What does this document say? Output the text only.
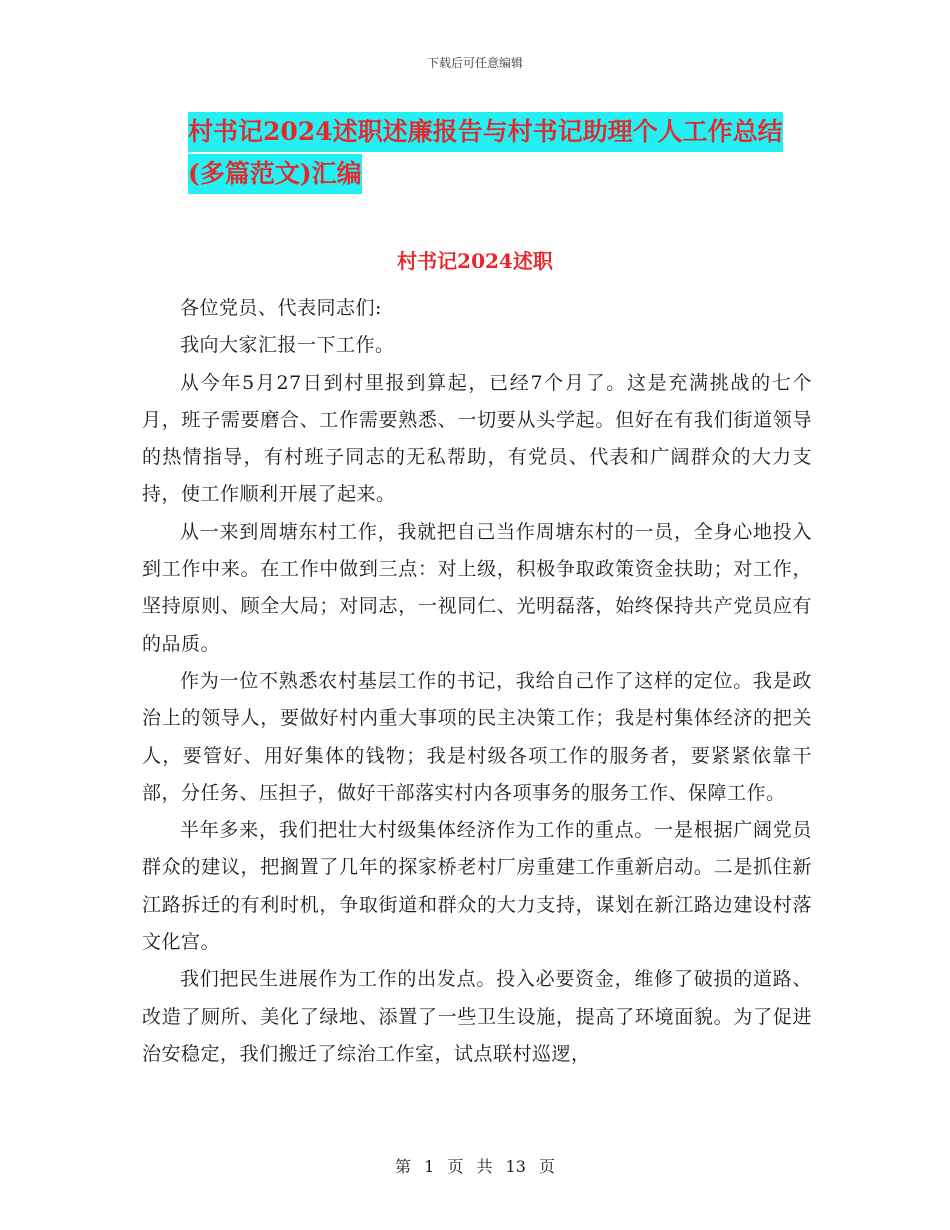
下载后可任意编辑
村书记2024述职述廉报告与村书记助理个人工作总结
(多篇范文)汇编
村书记2024述职

各位党员、代表同志们:

我向大家汇报一下工作。

从今年5月27日到村里报到算起，已经7个月了。这是充满挑战的七个月，班子需要磨合、工作需要熟悉、一切要从头学起。但好在有我们街道领导的热情指导，有村班子同志的无私帮助，有党员、代表和广阔群众的大力支持，使工作顺利开展了起来。

从一来到周塘东村工作，我就把自己当作周塘东村的一员，全身心地投入到工作中来。在工作中做到三点：对上级，积极争取政策资金扶助；对工作，坚持原则、顾全大局；对同志，一视同仁、光明磊落，始终保持共产党员应有的品质。

作为一位不熟悉农村基层工作的书记，我给自己作了这样的定位。我是政治上的领导人，要做好村内重大事项的民主决策工作；我是村集体经济的把关人，要管好、用好集体的钱物；我是村级各项工作的服务者，要紧紧依靠干部，分任务、压担子，做好干部落实村内各项事务的服务工作、保障工作。

半年多来，我们把壮大村级集体经济作为工作的重点。一是根据广阔党员群众的建议，把搁置了几年的探家桥老村厂房重建工作重新启动。二是抓住新江路拆迁的有利时机，争取街道和群众的大力支持，谋划在新江路边建设村落文化宫。

我们把民生进展作为工作的出发点。投入必要资金，维修了破损的道路、改造了厕所、美化了绿地、添置了一些卫生设施，提高了环境面貌。为了促进治安稳定，我们搬迁了综治工作室，试点联村巡逻，

第 1 页 共 13 页
